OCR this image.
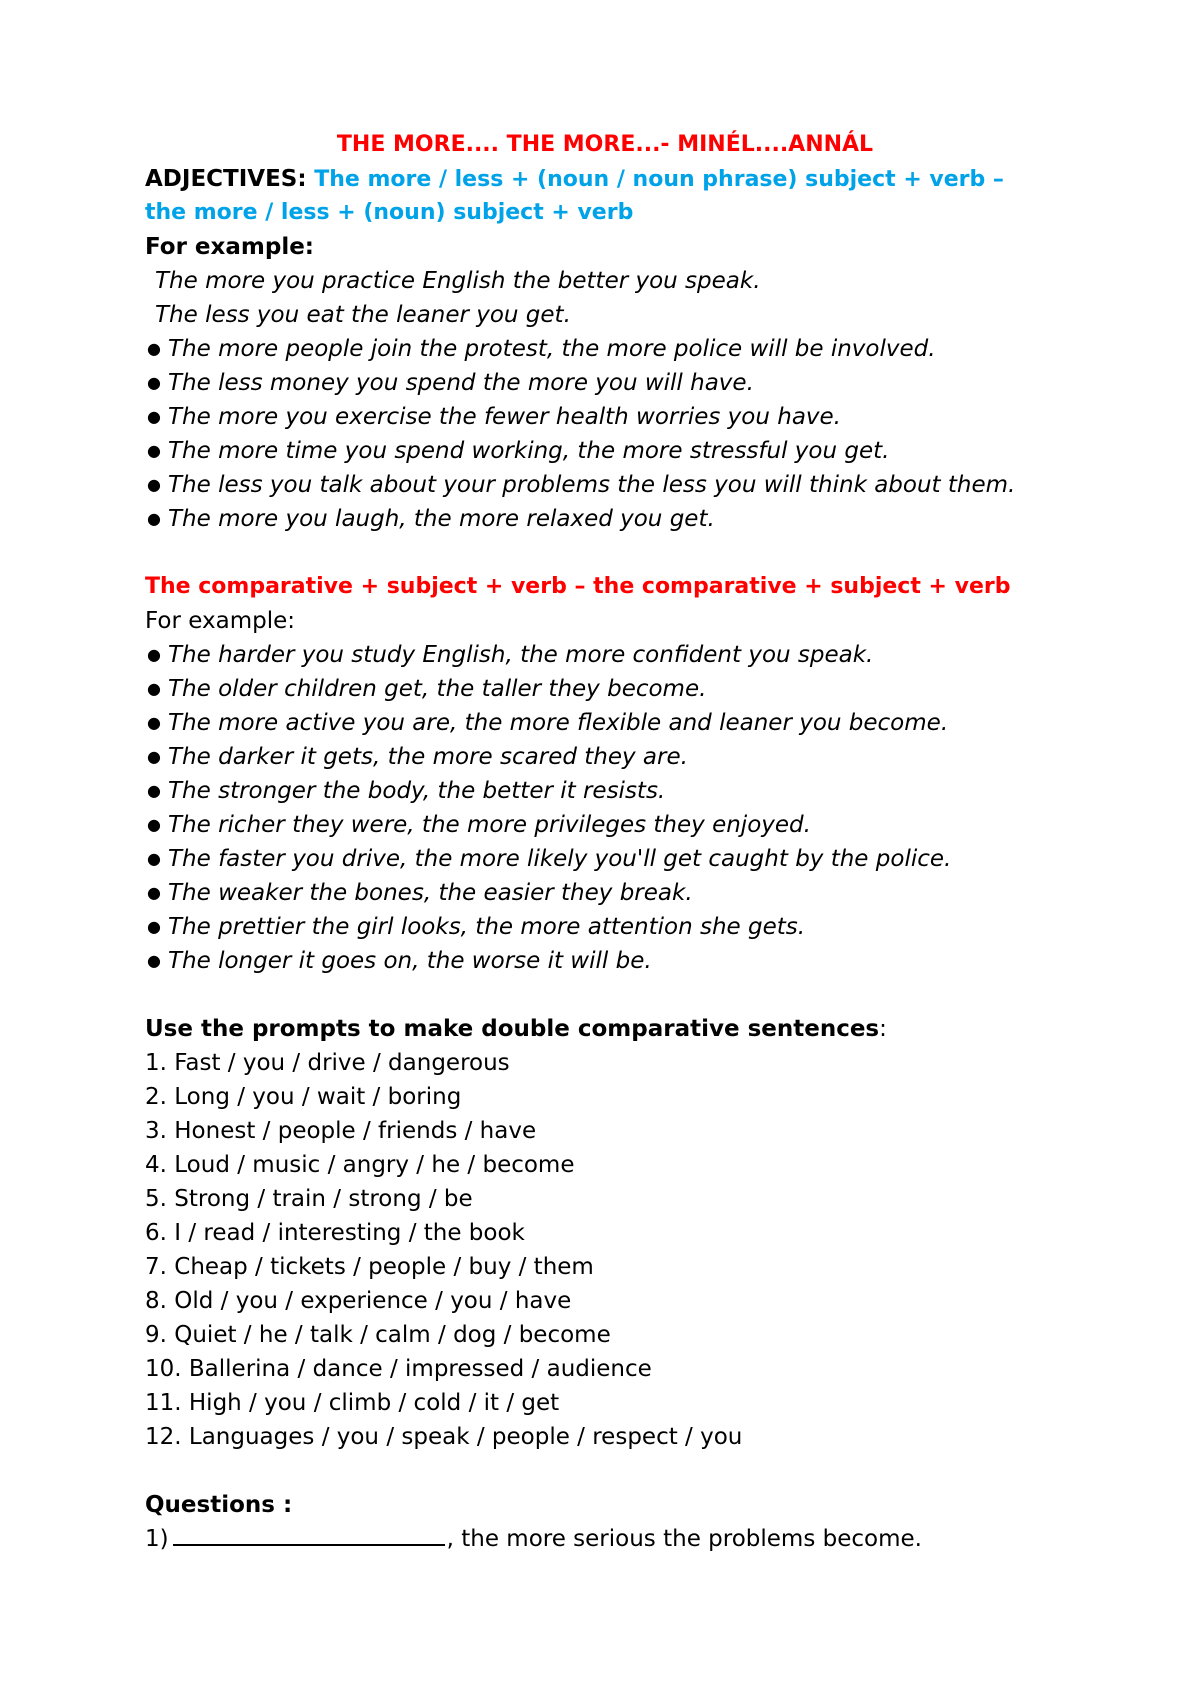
THE MORE.... THE MORE...- MINÉL....ANNÁL
ADJECTIVES: The more / less + (noun / noun phrase) subject + verb –
the more / less + (noun) subject + verb
For example:
The more you practice English the better you speak.
The less you eat the leaner you get.
● The more people join the protest, the more police will be involved.
● The less money you spend the more you will have.
● The more you exercise the fewer health worries you have.
● The more time you spend working, the more stressful you get.
● The less you talk about your problems the less you will think about them.
● The more you laugh, the more relaxed you get.
The comparative + subject + verb – the comparative + subject + verb
For example:
● The harder you study English, the more confident you speak.
● The older children get, the taller they become.
● The more active you are, the more flexible and leaner you become.
● The darker it gets, the more scared they are.
● The stronger the body, the better it resists.
● The richer they were, the more privileges they enjoyed.
● The faster you drive, the more likely you'll get caught by the police.
● The weaker the bones, the easier they break.
● The prettier the girl looks, the more attention she gets.
● The longer it goes on, the worse it will be.
Use the prompts to make double comparative sentences:
1. Fast / you / drive / dangerous
2. Long / you / wait / boring
3. Honest / people / friends / have
4. Loud / music / angry / he / become
5. Strong / train / strong / be
6. I / read / interesting / the book
7. Cheap / tickets / people / buy / them
8. Old / you / experience / you / have
9. Quiet / he / talk / calm / dog / become
10. Ballerina / dance / impressed / audience
11. High / you / climb / cold / it / get
12. Languages / you / speak / people / respect / you
Questions :
1)	, the more serious the problems become.
